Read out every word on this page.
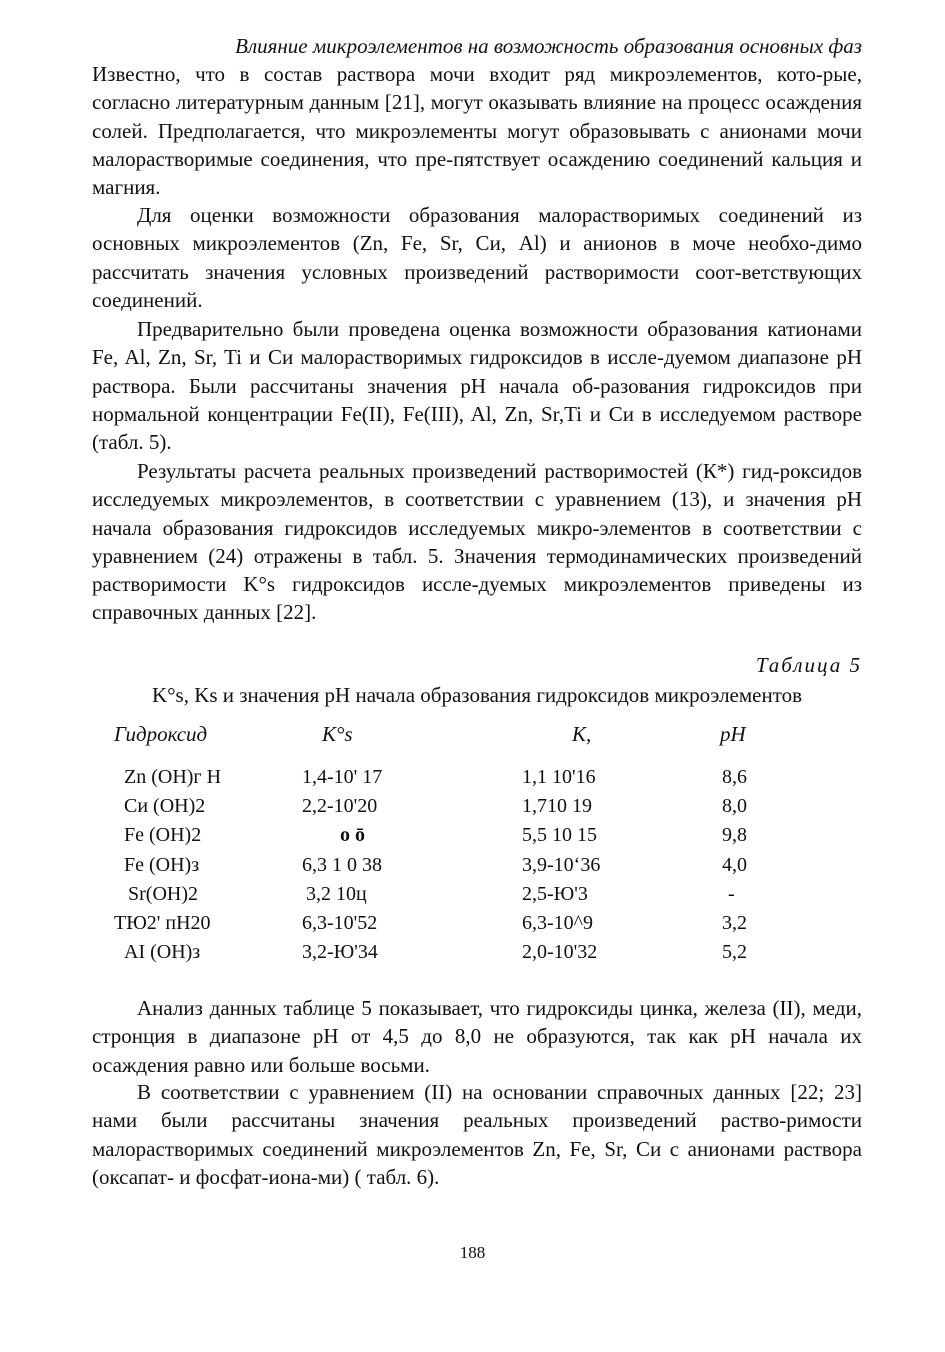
Влияние микроэлементов на возможность образования основных фаз

Известно, что в состав раствора мочи входит ряд микроэлементов, кото-рые, согласно литературным данным [21], могут оказывать влияние на процесс осаждения солей. Предполагается, что микроэлементы могут образовывать с анионами мочи малорастворимые соединения, что пре-пятствует осаждению соединений кальция и магния.

Для оценки возможности образования малорастворимых соединений из основных микроэлементов (Zn, Fe, Sr, Си, Al) и анионов в моче необхо-димо рассчитать значения условных произведений растворимости соот-ветствующих соединений.

Предварительно были проведена оценка возможности образования катионами Fe, Al, Zn, Sr, Ti и Си малорастворимых гидроксидов в иссле-дуемом диапазоне рН раствора. Были рассчитаны значения рН начала об-разования гидроксидов при нормальной концентрации Fe(II), Fe(III), Al, Zn, Sr,Ti и Си в исследуемом растворе (табл. 5).

Результаты расчета реальных произведений растворимостей (К*) гид-роксидов исследуемых микроэлементов, в соответствии с уравнением (13), и значения рН начала образования гидроксидов исследуемых микро-элементов в соответствии с уравнением (24) отражены в табл. 5. Значения термодинамических произведений растворимости K°s гидроксидов иссле-дуемых микроэлементов приведены из справочных данных [22].

Таблица 5

K°s, Ks и значения рН начала образования гидроксидов микроэлементов

Гидроксид	K°s	К,	pH
Zn (ОН)г Н	1,4-10' 17	1,1 10'16	8,6
Си (ОН)2	2,2-10'20	1,710 19	8,0
Fe (ОН)2	о ō	5,5 10 15	9,8
Fe (ОН)з	6,3 1 0 38	3,9-10‘36	4,0
Sr(OH)2	3,2 10ц	2,5-Ю'3	-
ТЮ2' пН20	6,3-10'52	6,3-10^9	3,2
AI (ОН)з	3,2-Ю'34	2,0-10'32	5,2

Анализ данных таблице 5 показывает, что гидроксиды цинка, железа (II), меди, стронция в диапазоне рН от 4,5 до 8,0 не образуются, так как рН начала их осаждения равно или больше восьми.

В соответствии с уравнением (II) на основании справочных данных [22; 23] нами были рассчитаны значения реальных произведений раство-римости малорастворимых соединений микроэлементов Zn, Fe, Sr, Си с анионами раствора (оксапат- и фосфат-иона-ми) ( табл. 6).

188
